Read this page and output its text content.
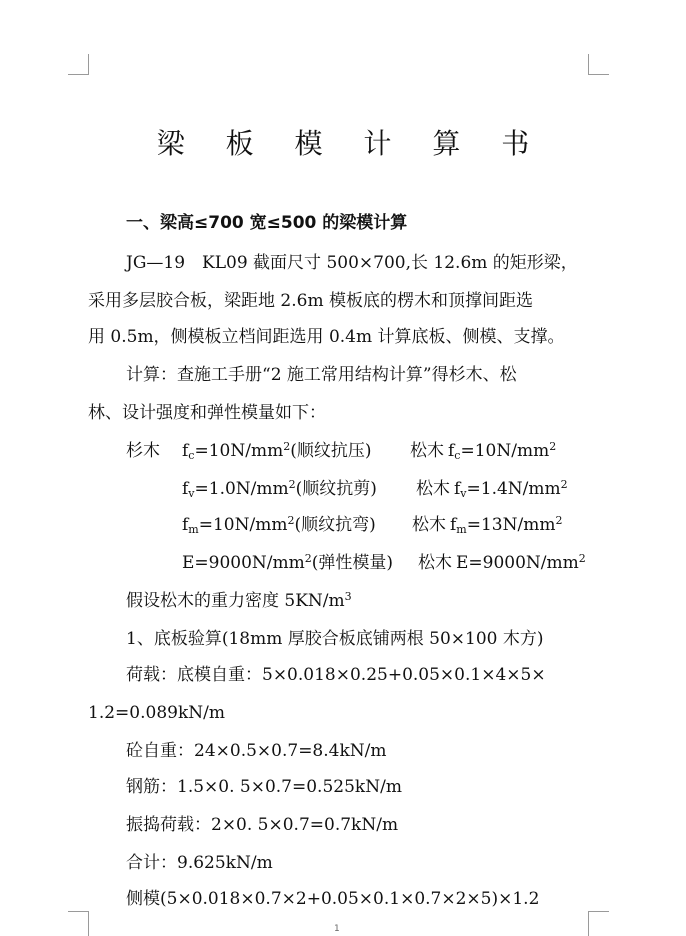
梁 板 模 计 算 书
一、梁高≤700 宽≤500 的梁模计算
JG—19　KL09 截面尺寸 500×700,长 12.6m 的矩形梁，
采用多层胶合板，梁距地 2.6m 模板底的楞木和顶撑间距选
用 0.5m，侧模板立档间距选用 0.4m 计算底板、侧模、支撑。
计算：查施工手册“2 施工常用结构计算”得杉木、松
林、设计强度和弹性模量如下：
杉木 $f_c=10N/mm^2$(顺纹抗压) 松木 $f_c=10N/mm^2$
$f_v=1.0N/mm^2$(顺纹抗剪) 松木 $f_v=1.4N/mm^2$
$f_m=10N/mm^2$(顺纹抗弯) 松木 $f_m=13N/mm^2$
$E=9000N/mm^2$(弹性模量) 松木 $E=9000N/mm^2$
假设松木的重力密度 $5KN/m^3$
1、底板验算(18mm 厚胶合板底铺两根 50×100 木方)
荷载：底模自重：5×0.018×0.25+0.05×0.1×4×5×
1.2=0.089kN/m
砼自重：24×0.5×0.7=8.4kN/m
钢筋：1.5×0. 5×0.7=0.525kN/m
振捣荷载：2×0. 5×0.7=0.7kN/m
合计：9.625kN/m
侧模(5×0.018×0.7×2+0.05×0.1×0.7×2×5)×1.2
1
